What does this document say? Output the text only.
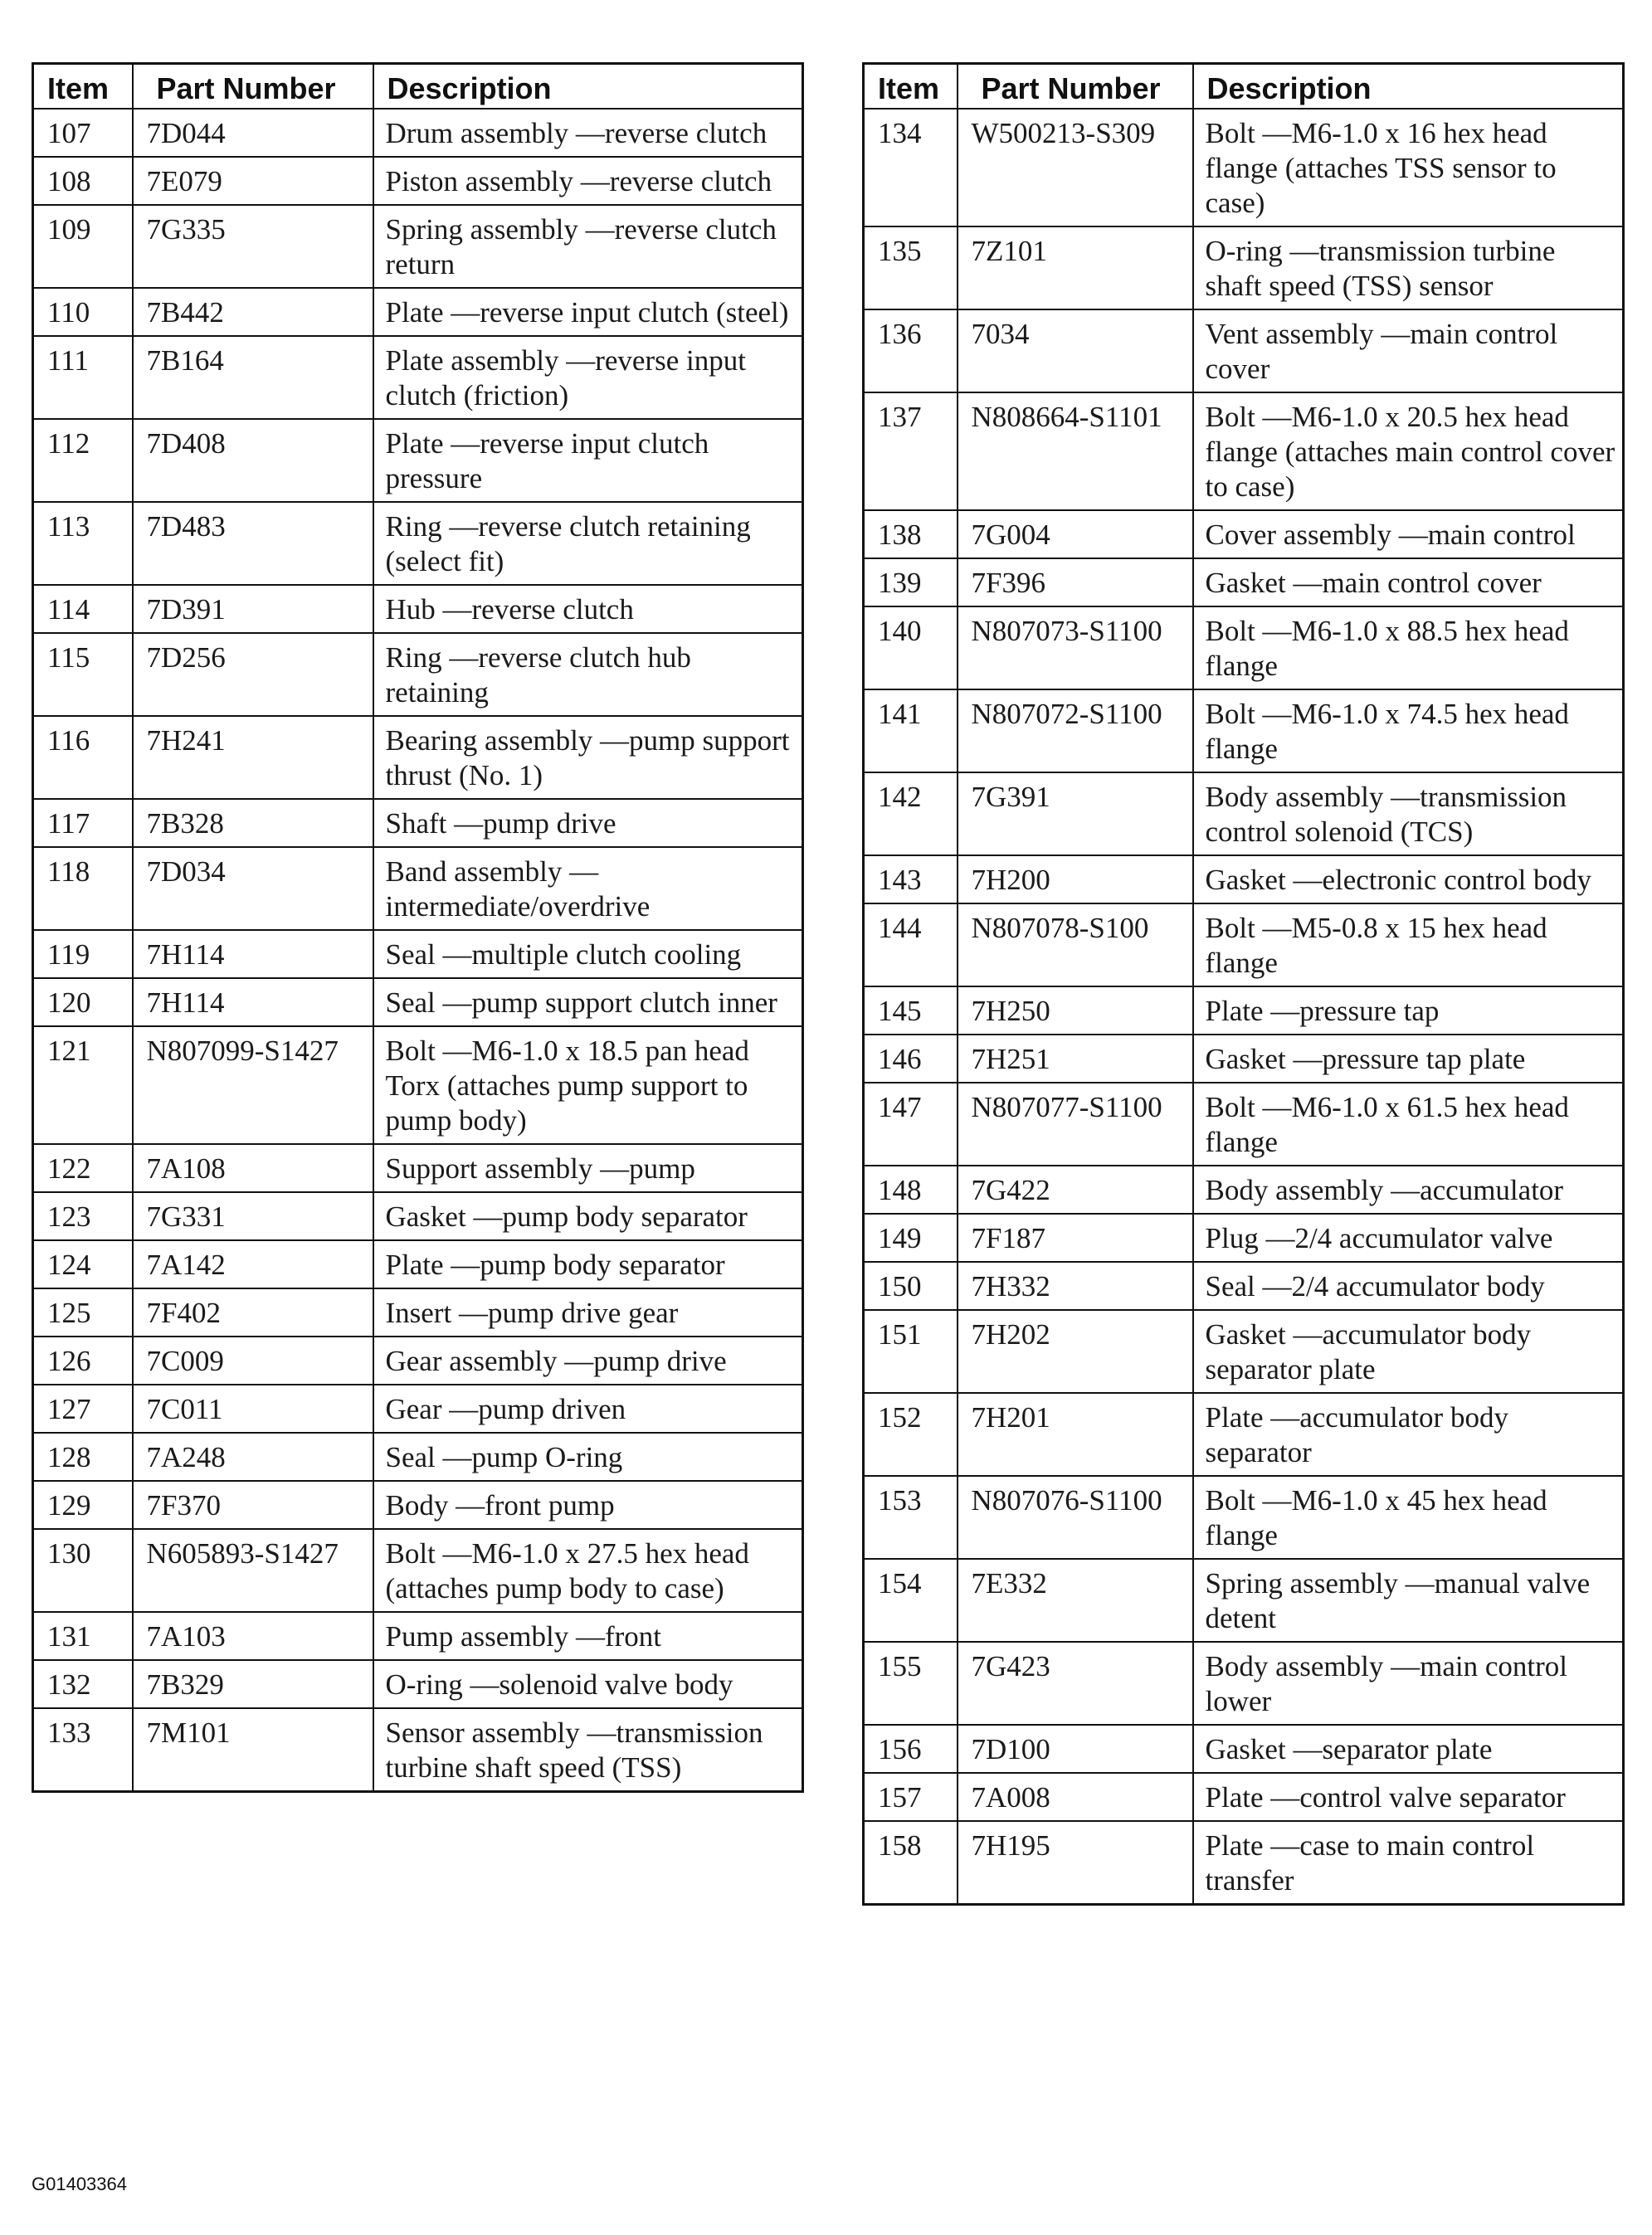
Item	Part Number	Description
107	7D044	Drum assembly —reverse clutch
108	7E079	Piston assembly —reverse clutch
109	7G335	Spring assembly —reverse clutch return
110	7B442	Plate —reverse input clutch (steel)
111	7B164	Plate assembly —reverse input clutch (friction)
112	7D408	Plate —reverse input clutch pressure
113	7D483	Ring —reverse clutch retaining (select fit)
114	7D391	Hub —reverse clutch
115	7D256	Ring —reverse clutch hub retaining
116	7H241	Bearing assembly —pump support thrust (No. 1)
117	7B328	Shaft —pump drive
118	7D034	Band assembly —intermediate/overdrive
119	7H114	Seal —multiple clutch cooling
120	7H114	Seal —pump support clutch inner
121	N807099-S1427	Bolt —M6-1.0 x 18.5 pan head Torx (attaches pump support to pump body)
122	7A108	Support assembly —pump
123	7G331	Gasket —pump body separator
124	7A142	Plate —pump body separator
125	7F402	Insert —pump drive gear
126	7C009	Gear assembly —pump drive
127	7C011	Gear —pump driven
128	7A248	Seal —pump O-ring
129	7F370	Body —front pump
130	N605893-S1427	Bolt —M6-1.0 x 27.5 hex head (attaches pump body to case)
131	7A103	Pump assembly —front
132	7B329	O-ring —solenoid valve body
133	7M101	Sensor assembly —transmission turbine shaft speed (TSS)
Item	Part Number	Description
134	W500213-S309	Bolt —M6-1.0 x 16 hex head flange (attaches TSS sensor to case)
135	7Z101	O-ring —transmission turbine shaft speed (TSS) sensor
136	7034	Vent assembly —main control cover
137	N808664-S1101	Bolt —M6-1.0 x 20.5 hex head flange (attaches main control cover to case)
138	7G004	Cover assembly —main control
139	7F396	Gasket —main control cover
140	N807073-S1100	Bolt —M6-1.0 x 88.5 hex head flange
141	N807072-S1100	Bolt —M6-1.0 x 74.5 hex head flange
142	7G391	Body assembly —transmission control solenoid (TCS)
143	7H200	Gasket —electronic control body
144	N807078-S100	Bolt —M5-0.8 x 15 hex head flange
145	7H250	Plate —pressure tap
146	7H251	Gasket —pressure tap plate
147	N807077-S1100	Bolt —M6-1.0 x 61.5 hex head flange
148	7G422	Body assembly —accumulator
149	7F187	Plug —2/4 accumulator valve
150	7H332	Seal —2/4 accumulator body
151	7H202	Gasket —accumulator body separator plate
152	7H201	Plate —accumulator body separator
153	N807076-S1100	Bolt —M6-1.0 x 45 hex head flange
154	7E332	Spring assembly —manual valve detent
155	7G423	Body assembly —main control lower
156	7D100	Gasket —separator plate
157	7A008	Plate —control valve separator
158	7H195	Plate —case to main control transfer
G01403364
